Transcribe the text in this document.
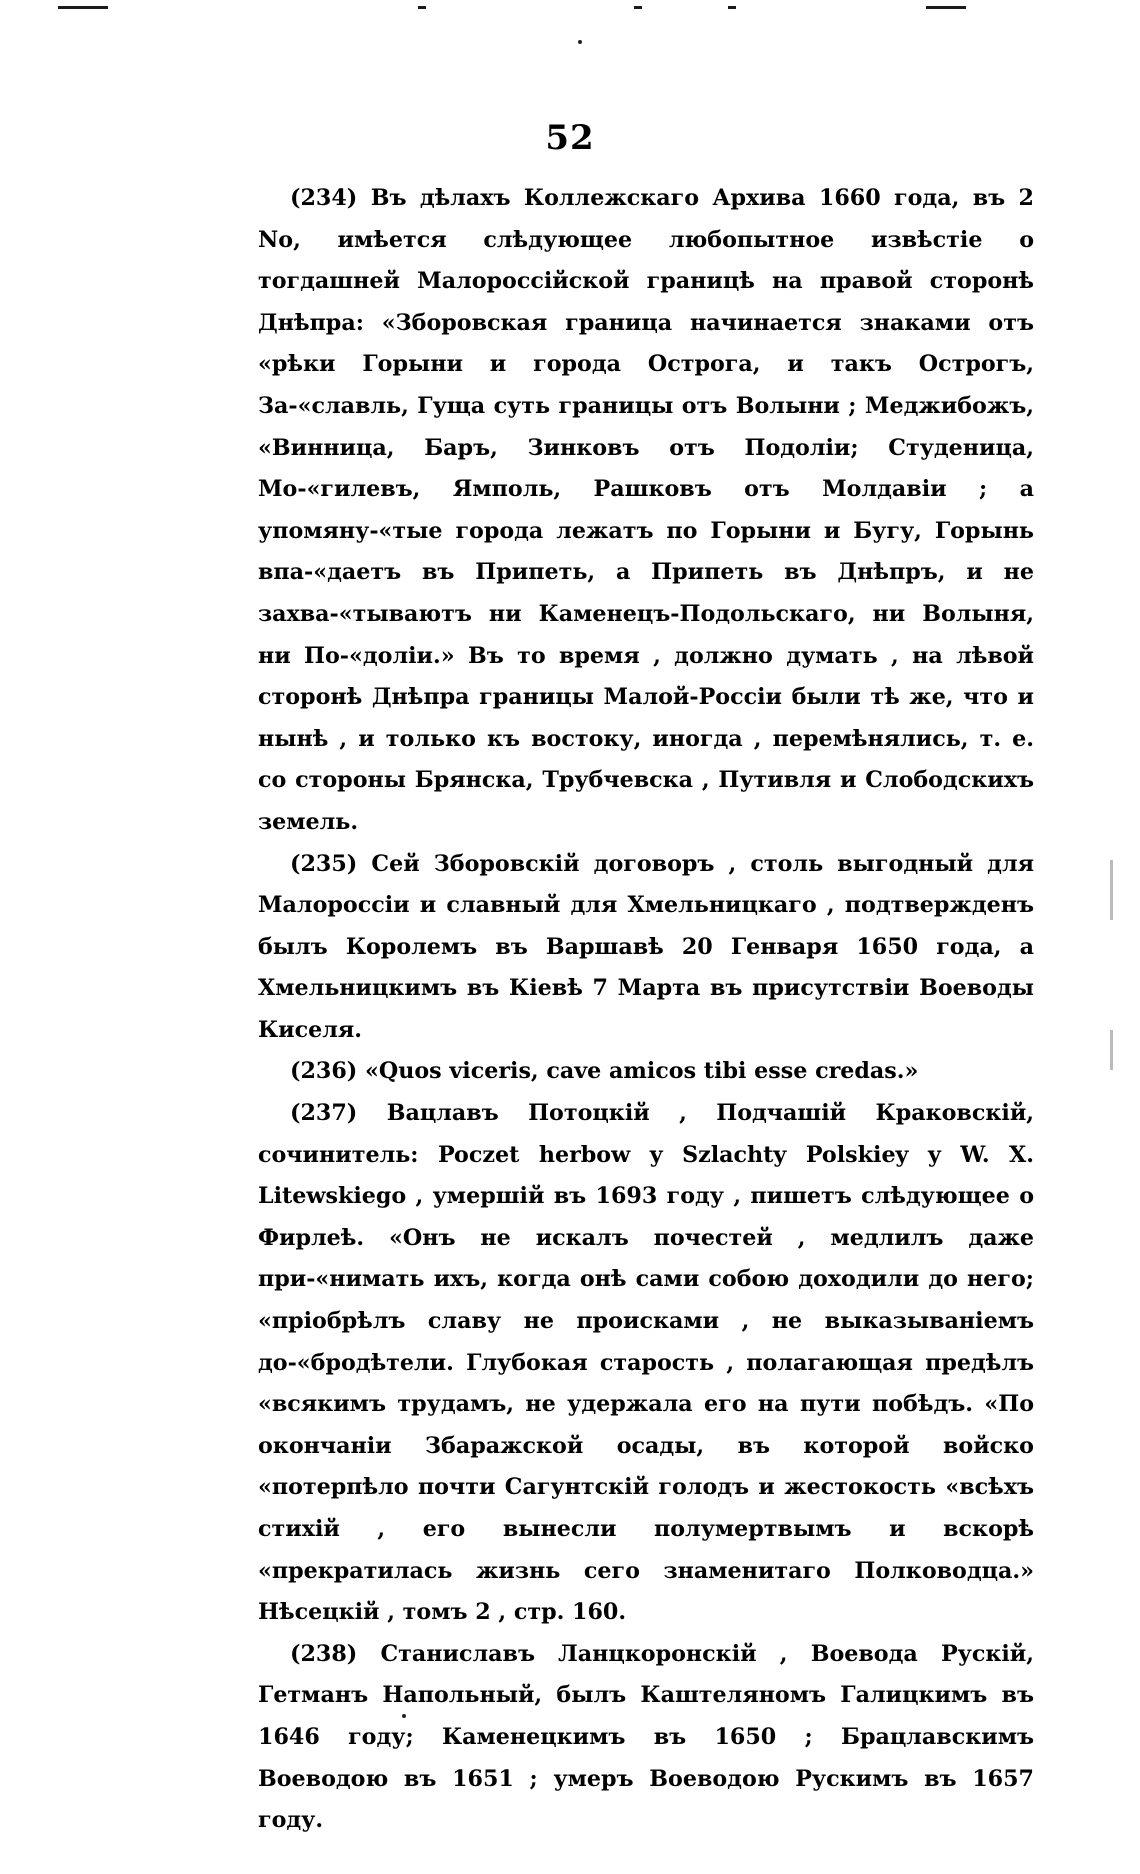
52

(234) Въ дѣлахъ Коллежскаго Архива 1660 года, въ 2 No, имѣется слѣдующее любопытное извѣстіе о тогдашней Малороссійской границѣ на правой сторонѣ Днѣпра: «Зборовская граница начинается знаками отъ «рѣки Горыни и города Острога, и такъ Острогъ, За-«славль, Гуща суть границы отъ Волыни ; Меджибожъ, «Винница, Баръ, Зинковъ отъ Подоліи; Студеница, Мо-«гилевъ, Ямполь, Рашковъ отъ Молдавіи ; а упомяну-«тые города лежатъ по Горыни и Бугу, Горынь впа-«даетъ въ Припеть, а Припеть въ Днѣпръ, и не захва-«тываютъ ни Каменецъ-Подольскаго, ни Волыня, ни По-«доліи.» Въ то время , должно думать , на лѣвой сторонѣ Днѣпра границы Малой-Россіи были тѣ же, что и нынѣ , и только къ востоку, иногда , перемѣнялись, т. е. со стороны Брянска, Трубчевска , Путивля и Слободскихъ земель.

(235) Сей Зборовскій договоръ , столь выгодный для Малороссіи и славный для Хмельницкаго , подтвержденъ былъ Королемъ въ Варшавѣ 20 Генваря 1650 года, а Хмельницкимъ въ Кіевѣ 7 Марта въ присутствіи Воеводы Киселя.

(236) «Quos viceris, cave amicos tibi esse credas.»

(237) Вацлавъ Потоцкій , Подчашій Краковскій, сочинитель: Poczet herbow y Szlachty Polskiey y W. X. Litewskiego , умершій въ 1693 году , пишетъ слѣдующее о Фирлеѣ. «Онъ не искалъ почестей , медлилъ даже при-«нимать ихъ, когда онѣ сами собою доходили до него; «пріобрѣлъ славу не происками , не выказываніемъ до-«бродѣтели. Глубокая старость , полагающая предѣлъ «всякимъ трудамъ, не удержала его на пути побѣдъ. «По окончаніи Збаражской осады, въ которой войско «потерпѣло почти Сагунтскій голодъ и жестокость «всѣхъ стихій , его вынесли полумертвымъ и вскорѣ «прекратилась жизнь сего знаменитаго Полководца.» Нѣсецкій , томъ 2 , стр. 160.

(238) Станиславъ Ланцкоронскій , Воевода Рускій, Гетманъ Напольный, былъ Каштеляномъ Галицкимъ въ 1646 году; Каменецкимъ въ 1650 ; Брацлавскимъ Воеводою въ 1651 ; умеръ Воеводою Рускимъ въ 1657 году.
